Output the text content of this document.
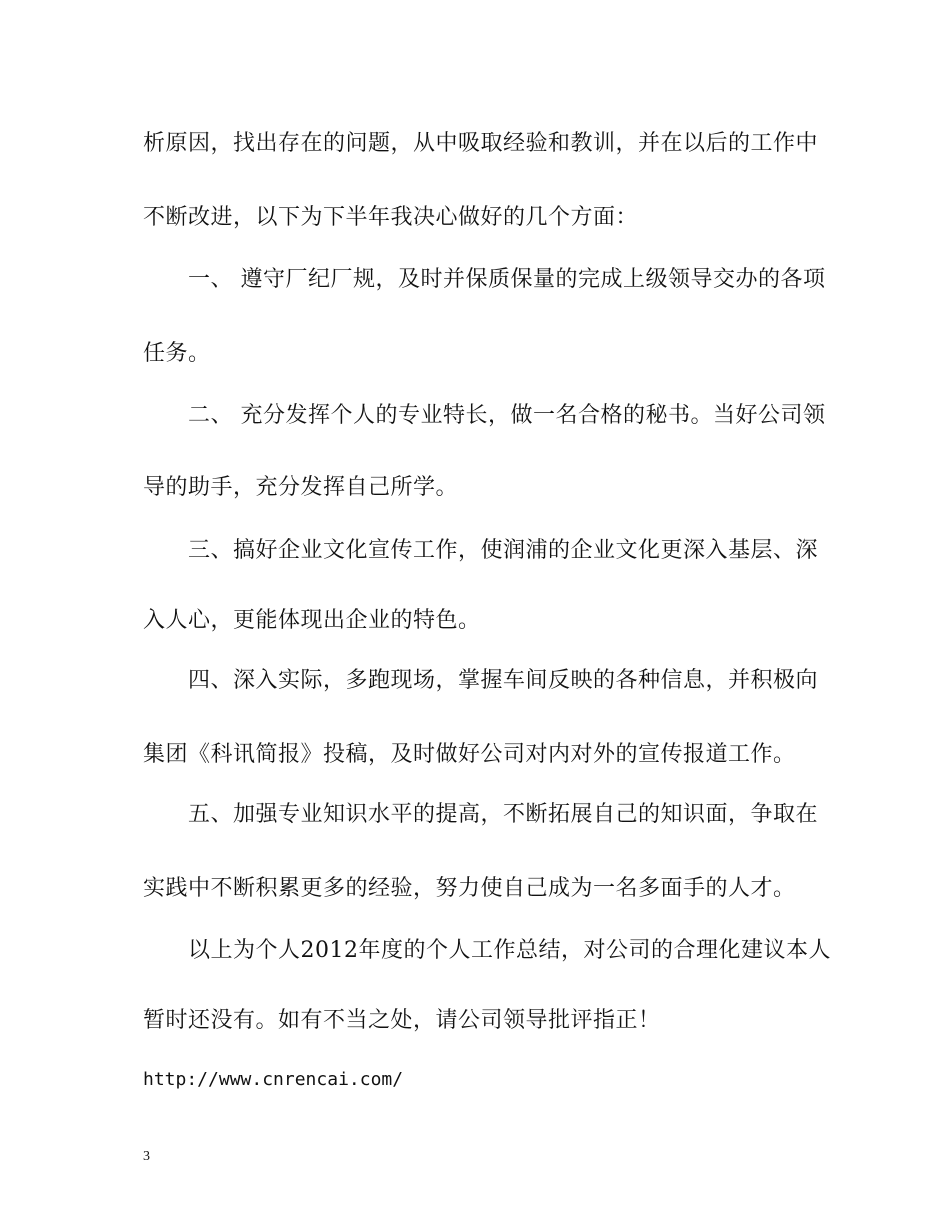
析原因，找出存在的问题，从中吸取经验和教训，并在以后的工作中
不断改进，以下为下半年我决心做好的几个方面：
一、 遵守厂纪厂规，及时并保质保量的完成上级领导交办的各项
任务。
二、 充分发挥个人的专业特长，做一名合格的秘书。当好公司领
导的助手，充分发挥自己所学。
三、搞好企业文化宣传工作，使润浦的企业文化更深入基层、深
入人心，更能体现出企业的特色。
四、深入实际，多跑现场，掌握车间反映的各种信息，并积极向
集团《科讯简报》投稿，及时做好公司对内对外的宣传报道工作。
五、加强专业知识水平的提高，不断拓展自己的知识面，争取在
实践中不断积累更多的经验，努力使自己成为一名多面手的人才。
以上为个人2012年度的个人工作总结，对公司的合理化建议本人
暂时还没有。如有不当之处，请公司领导批评指正！
http://www.cnrencai.com/
3
